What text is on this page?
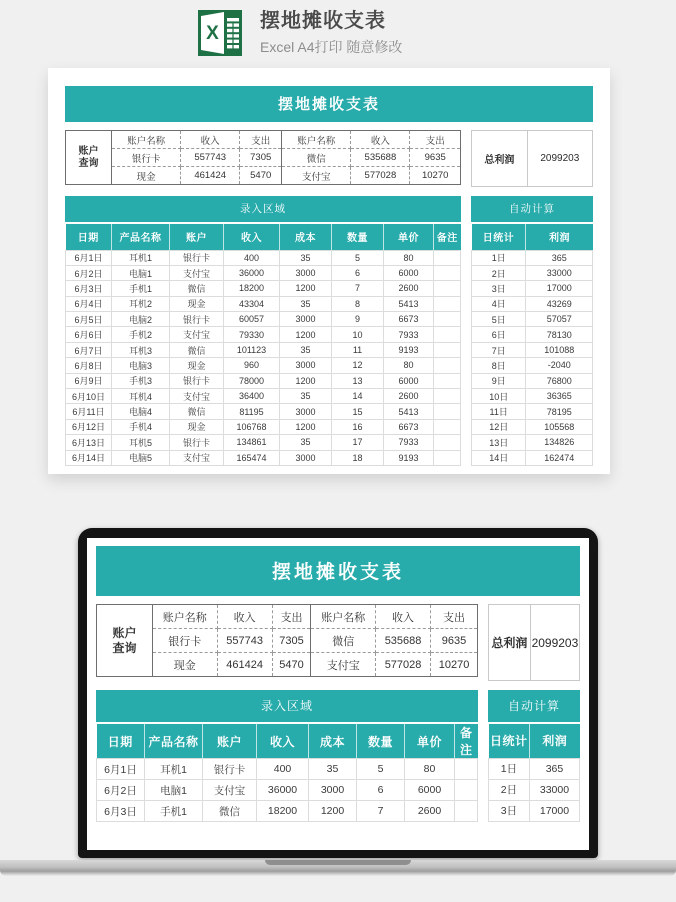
X
摆地摊收支表
Excel A4打印 随意修改
摆地摊收支表
账户
查询	账户名称	收入	支出	账户名称	收入	支出
	银行卡	557743	7305	微信	535688	9635
	现金	461424	5470	支付宝	577028	10270
总利润	2099203
录入区域	自动计算
日期	产品名称	账户	收入	成本	数量	单价	备注
6月1日	耳机1	银行卡	400	35	5	80	
6月2日	电脑1	支付宝	36000	3000	6	6000	
6月3日	手机1	微信	18200	1200	7	2600	
6月4日	耳机2	现金	43304	35	8	5413	
6月5日	电脑2	银行卡	60057	3000	9	6673	
6月6日	手机2	支付宝	79330	1200	10	7933	
6月7日	耳机3	微信	101123	35	11	9193	
6月8日	电脑3	现金	960	3000	12	80	
6月9日	手机3	银行卡	78000	1200	13	6000	
6月10日	耳机4	支付宝	36400	35	14	2600	
6月11日	电脑4	微信	81195	3000	15	5413	
6月12日	手机4	现金	106768	1200	16	6673	
6月13日	耳机5	银行卡	134861	35	17	7933	
6月14日	电脑5	支付宝	165474	3000	18	9193	
日统计	利润
1日	365
2日	33000
3日	17000
4日	43269
5日	57057
6日	78130
7日	101088
8日	-2040
9日	76800
10日	36365
11日	78195
12日	105568
13日	134826
14日	162474
摆地摊收支表
账户
查询	账户名称	收入	支出	账户名称	收入	支出
	银行卡	557743	7305	微信	535688	9635
	现金	461424	5470	支付宝	577028	10270
总利润	2099203
录入区域	自动计算
日期	产品名称	账户	收入	成本	数量	单价	备注
6月1日	耳机1	银行卡	400	35	5	80	
6月2日	电脑1	支付宝	36000	3000	6	6000	
6月3日	手机1	微信	18200	1200	7	2600	
日统计	利润
1日	365
2日	33000
3日	17000
